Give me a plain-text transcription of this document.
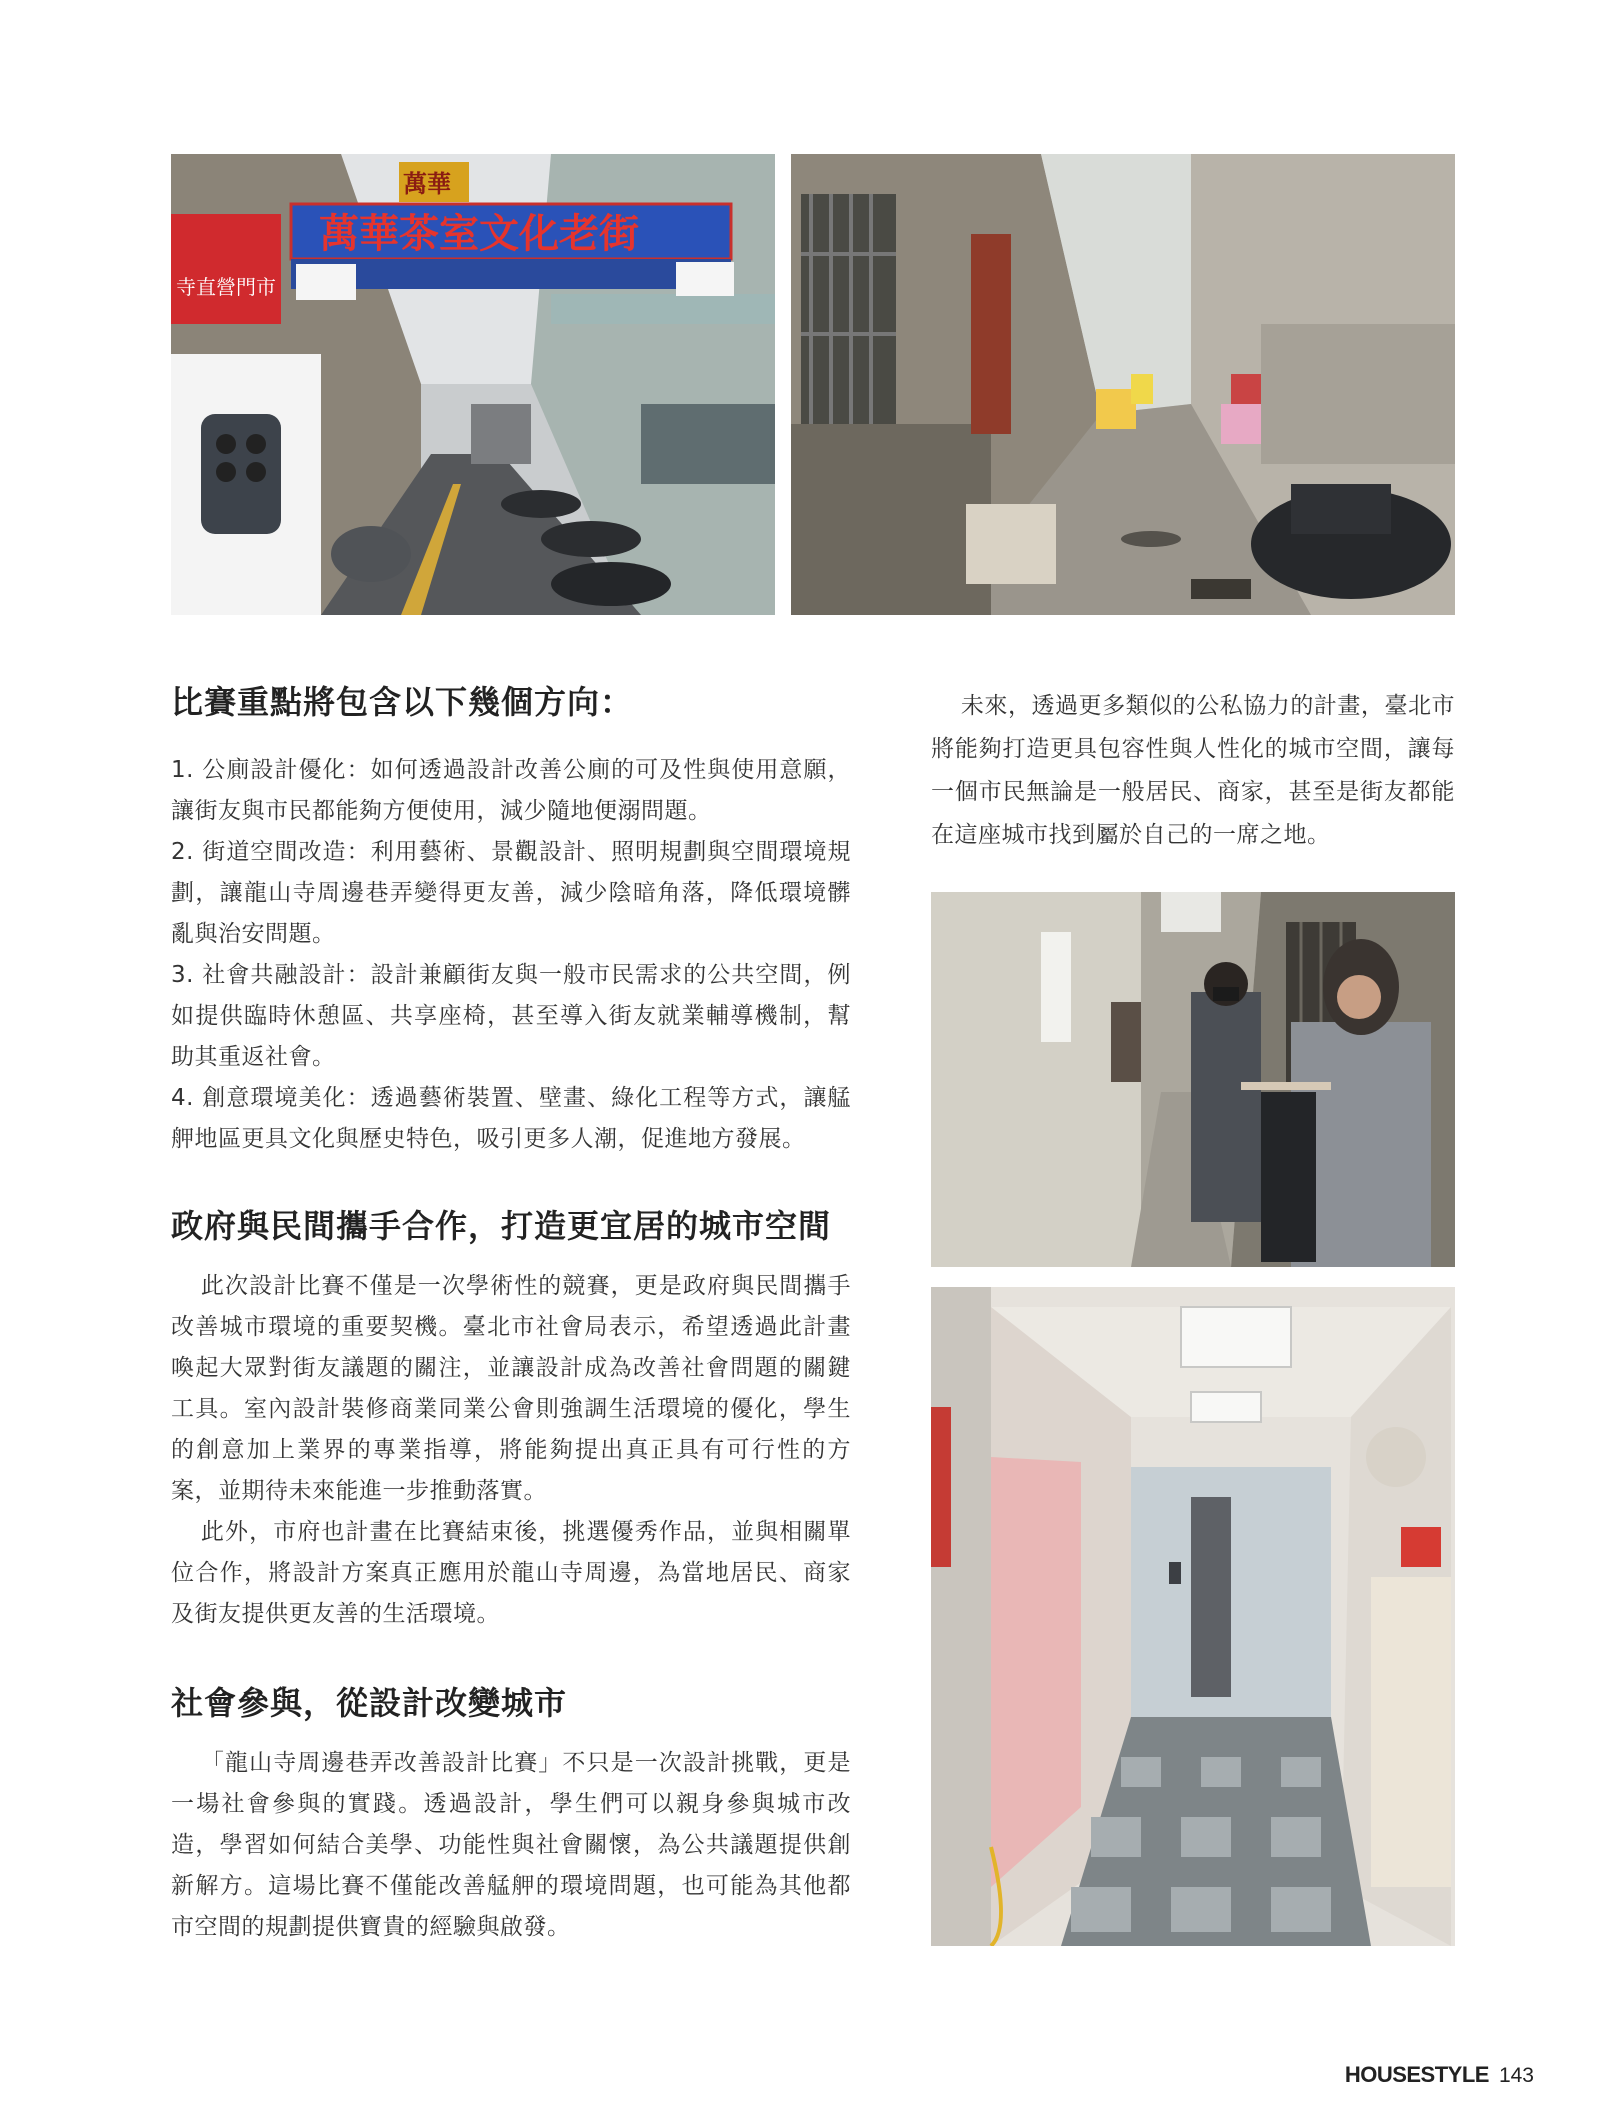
寺直營門市
萬華
萬華茶室文化老街
比賽重點將包含以下幾個方向：
1. 公廁設計優化：如何透過設計改善公廁的可及性與使用意願，讓街友與市民都能夠方便使用，減少隨地便溺問題。
2. 街道空間改造：利用藝術、景觀設計、照明規劃與空間環境規劃，讓龍山寺周邊巷弄變得更友善，減少陰暗角落，降低環境髒亂與治安問題。
3. 社會共融設計：設計兼顧街友與一般市民需求的公共空間，例如提供臨時休憩區、共享座椅，甚至導入街友就業輔導機制，幫助其重返社會。
4. 創意環境美化：透過藝術裝置、壁畫、綠化工程等方式，讓艋舺地區更具文化與歷史特色，吸引更多人潮，促進地方發展。
政府與民間攜手合作，打造更宜居的城市空間

此次設計比賽不僅是一次學術性的競賽，更是政府與民間攜手改善城市環境的重要契機。臺北市社會局表示，希望透過此計畫喚起大眾對街友議題的關注，並讓設計成為改善社會問題的關鍵工具。室內設計裝修商業同業公會則強調生活環境的優化，學生的創意加上業界的專業指導，將能夠提出真正具有可行性的方案，並期待未來能進一步推動落實。

此外，市府也計畫在比賽結束後，挑選優秀作品，並與相關單位合作，將設計方案真正應用於龍山寺周邊，為當地居民、商家及街友提供更友善的生活環境。

社會參與，從設計改變城市

「龍山寺周邊巷弄改善設計比賽」不只是一次設計挑戰，更是一場社會參與的實踐。透過設計，學生們可以親身參與城市改造，學習如何結合美學、功能性與社會關懷，為公共議題提供創新解方。這場比賽不僅能改善艋舺的環境問題，也可能為其他都市空間的規劃提供寶貴的經驗與啟發。

未來，透過更多類似的公私協力的計畫，臺北市將能夠打造更具包容性與人性化的城市空間，讓每一個市民無論是一般居民、商家，甚至是街友都能在這座城市找到屬於自己的一席之地。

HOUSESTYLE 143
